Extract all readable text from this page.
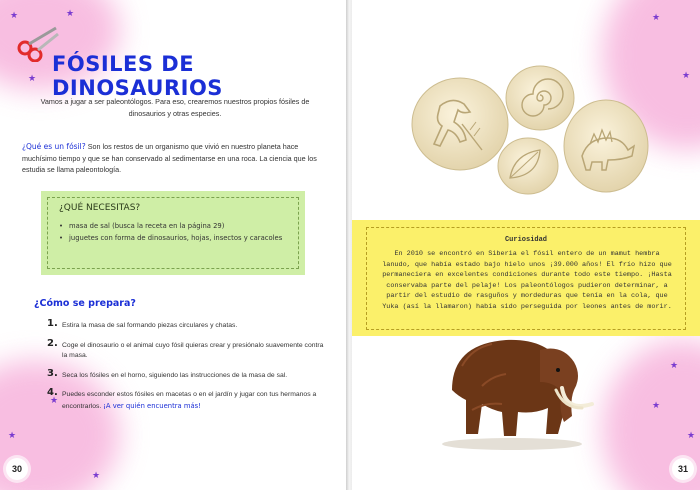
★	★
★
★
★
★
FÓSILES DE DINOSAURIOS
Vamos a jugar a ser paleontólogos. Para eso, crearemos nuestros propios fósiles de dinosaurios y otras especies.
¿Qué es un fósil? Son los restos de un organismo que vivió en nuestro planeta hace muchísimo tiempo y que se han conservado al sedimentarse en una roca. La ciencia que los estudia se llama paleontología.
¿QUÉ NECESITAS?
• masa de sal (busca la receta en la página 29)
• juguetes con forma de dinosaurios, hojas, insectos y caracoles
¿Cómo se prepara?
1. Estira la masa de sal formando piezas circulares y chatas.
2. Coge el dinosaurio o el animal cuyo fósil quieras crear y presiónalo suavemente contra la masa.
3. Seca los fósiles en el horno, siguiendo las instrucciones de la masa de sal.
4. Puedes esconder estos fósiles en macetas o en el jardín y jugar con tus hermanos a encontrarlos. ¡A ver quién encuentra más!
30
★
★
★
★
★
Curiosidad
En 2010 se encontró en Siberia el fósil entero de un mamut hembra lanudo, que había estado bajo hielo unos ¡39.000 años! El frío hizo que permaneciera en excelentes condiciones durante todo este tiempo. ¡Hasta conservaba parte del pelaje! Los paleontólogos pudieron determinar, a partir del estudio de rasguños y mordeduras que tenía en la cola, que Yuka (así la llamaron) había sido perseguida por leones antes de morir.
31
